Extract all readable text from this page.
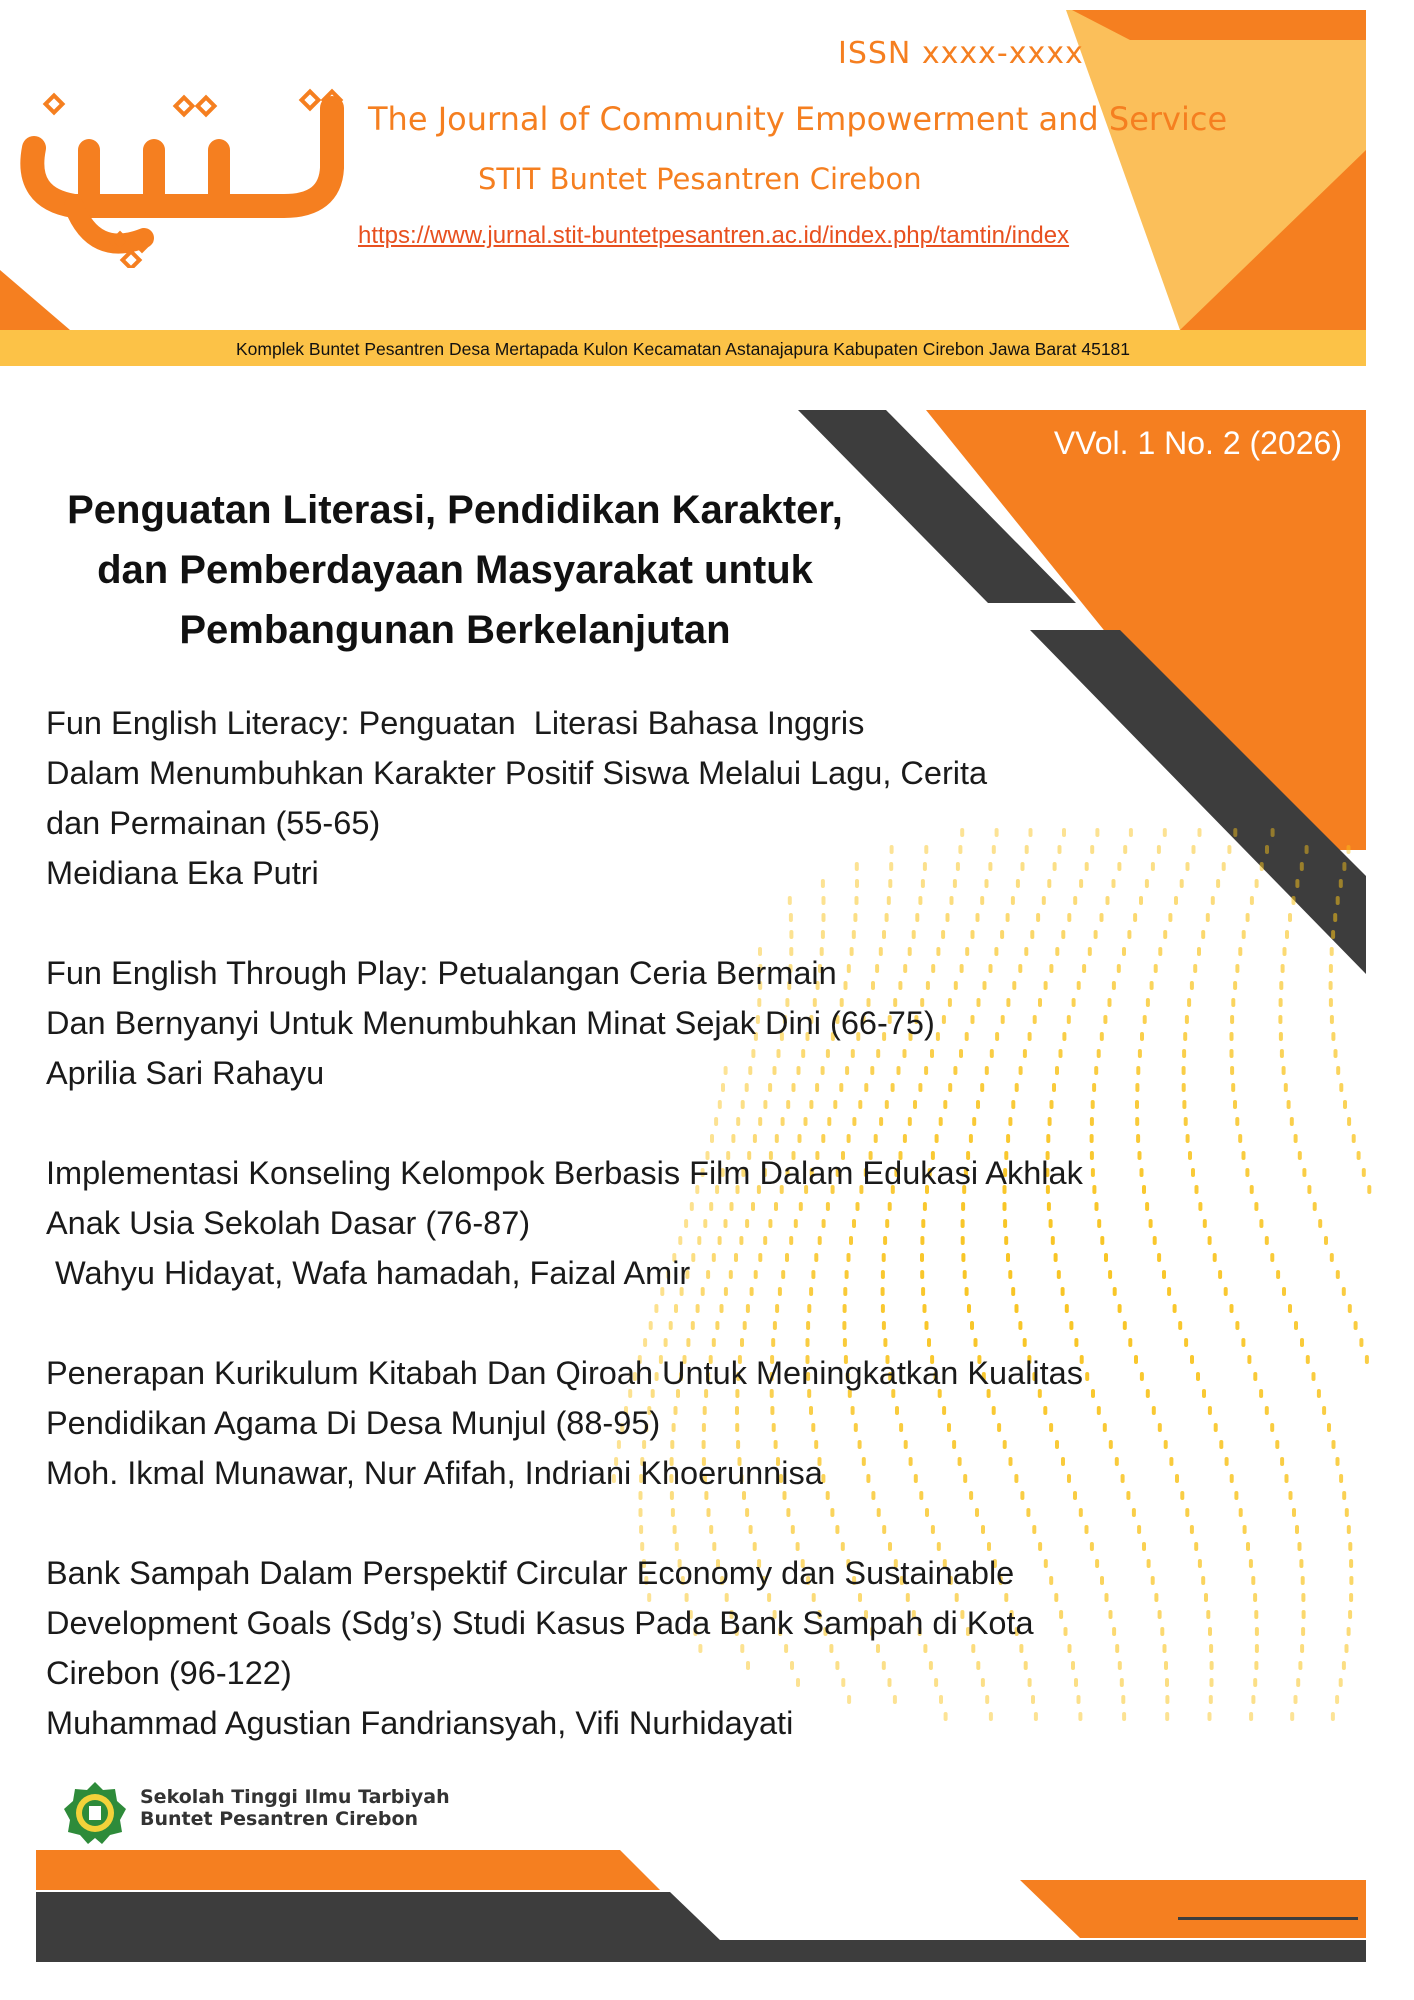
ISSN xxxx-xxxx
The Journal of Community Empowerment and Service
STIT Buntet Pesantren Cirebon
https://www.jurnal.stit-buntetpesantren.ac.id/index.php/tamtin/index
Komplek Buntet Pesantren Desa Mertapada Kulon Kecamatan Astanajapura Kabupaten Cirebon Jawa Barat 45181
VVol. 1 No. 2 (2026)
Penguatan Literasi, Pendidikan Karakter,
dan Pemberdayaan Masyarakat untuk
Pembangunan Berkelanjutan
Fun English Literacy: Penguatan  Literasi Bahasa Inggris
Dalam Menumbuhkan Karakter Positif Siswa Melalui Lagu, Cerita
dan Permainan (55-65)
Meidiana Eka Putri
Fun English Through Play: Petualangan Ceria Bermain
Dan Bernyanyi Untuk Menumbuhkan Minat Sejak Dini (66-75)
Aprilia Sari Rahayu
Implementasi Konseling Kelompok Berbasis Film Dalam Edukasi Akhlak
Anak Usia Sekolah Dasar (76-87)
Wahyu Hidayat, Wafa hamadah, Faizal Amir
Penerapan Kurikulum Kitabah Dan Qiroah Untuk Meningkatkan Kualitas
Pendidikan Agama Di Desa Munjul (88-95)
Moh. Ikmal Munawar, Nur Afifah, Indriani Khoerunnisa
Bank Sampah Dalam Perspektif Circular Economy dan Sustainable
Development Goals (Sdg’s) Studi Kasus Pada Bank Sampah di Kota
Cirebon (96-122)
Muhammad Agustian Fandriansyah, Vifi Nurhidayati
Sekolah Tinggi Ilmu Tarbiyah
Buntet Pesantren Cirebon
